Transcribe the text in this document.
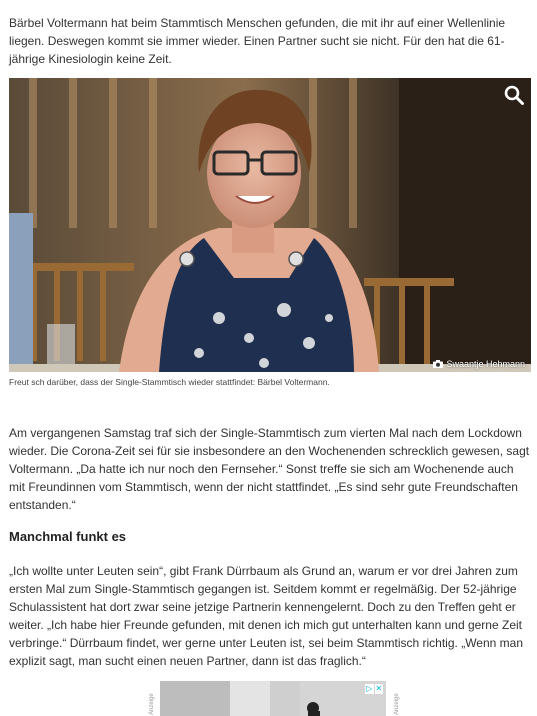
Bärbel Voltermann hat beim Stammtisch Menschen gefunden, die mit ihr auf einer Wellenlinie liegen. Deswegen kommt sie immer wieder. Einen Partner sucht sie nicht. Für den hat die 61-jährige Kinesiologin keine Zeit.

Swaantje Hehmann
Freut sch darüber, dass der Single-Stammtisch wieder stattfindet: Bärbel Voltermann.

Am vergangenen Samstag traf sich der Single-Stammtisch zum vierten Mal nach dem Lockdown wieder. Die Corona-Zeit sei für sie insbesondere an den Wochenenden schrecklich gewesen, sagt Voltermann. „Da hatte ich nur noch den Fernseher.“ Sonst treffe sie sich am Wochenende auch mit Freundinnen vom Stammtisch, wenn der nicht stattfindet. „Es sind sehr gute Freundschaften entstanden.“

Manchmal funkt es

„Ich wollte unter Leuten sein“, gibt Frank Dürrbaum als Grund an, warum er vor drei Jahren zum ersten Mal zum Single-Stammtisch gegangen ist. Seitdem kommt er regelmäßig. Der 52-jährige Schulassistent hat dort zwar seine jetzige Partnerin kennengelernt. Doch zu den Treffen geht er weiter. „Ich habe hier Freunde gefunden, mit denen ich mich gut unterhalten kann und gerne Zeit verbringe.“ Dürrbaum findet, wer gerne unter Leuten ist, sei beim Stammtisch richtig. „Wenn man explizit sagt, man sucht einen neuen Partner, dann ist das fraglich.“

Anzeige
▷ ✕
Anzeige
